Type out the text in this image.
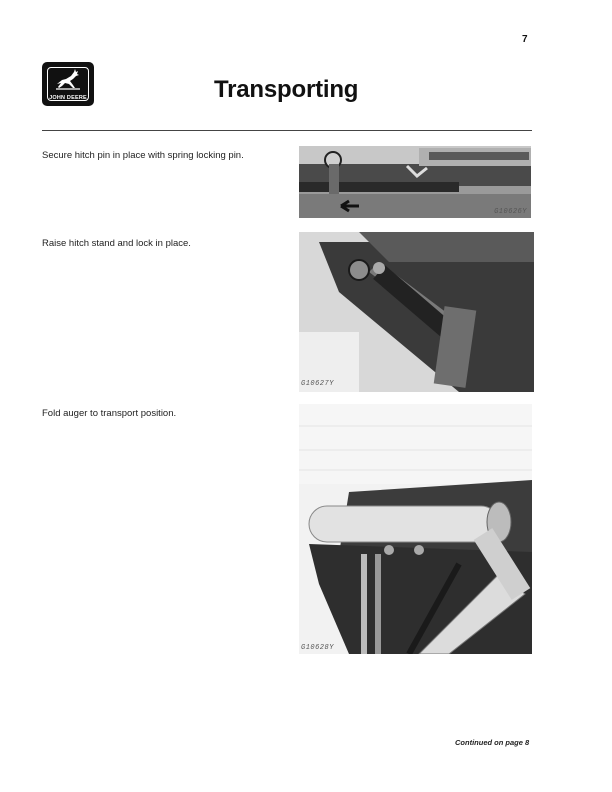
7
JOHN DEERE	Transporting

Secure hitch pin in place with spring locking pin.

G10626Y

Raise hitch stand and lock in place.

G10627Y

Fold auger to transport position.

G10628Y
Continued on page 8
